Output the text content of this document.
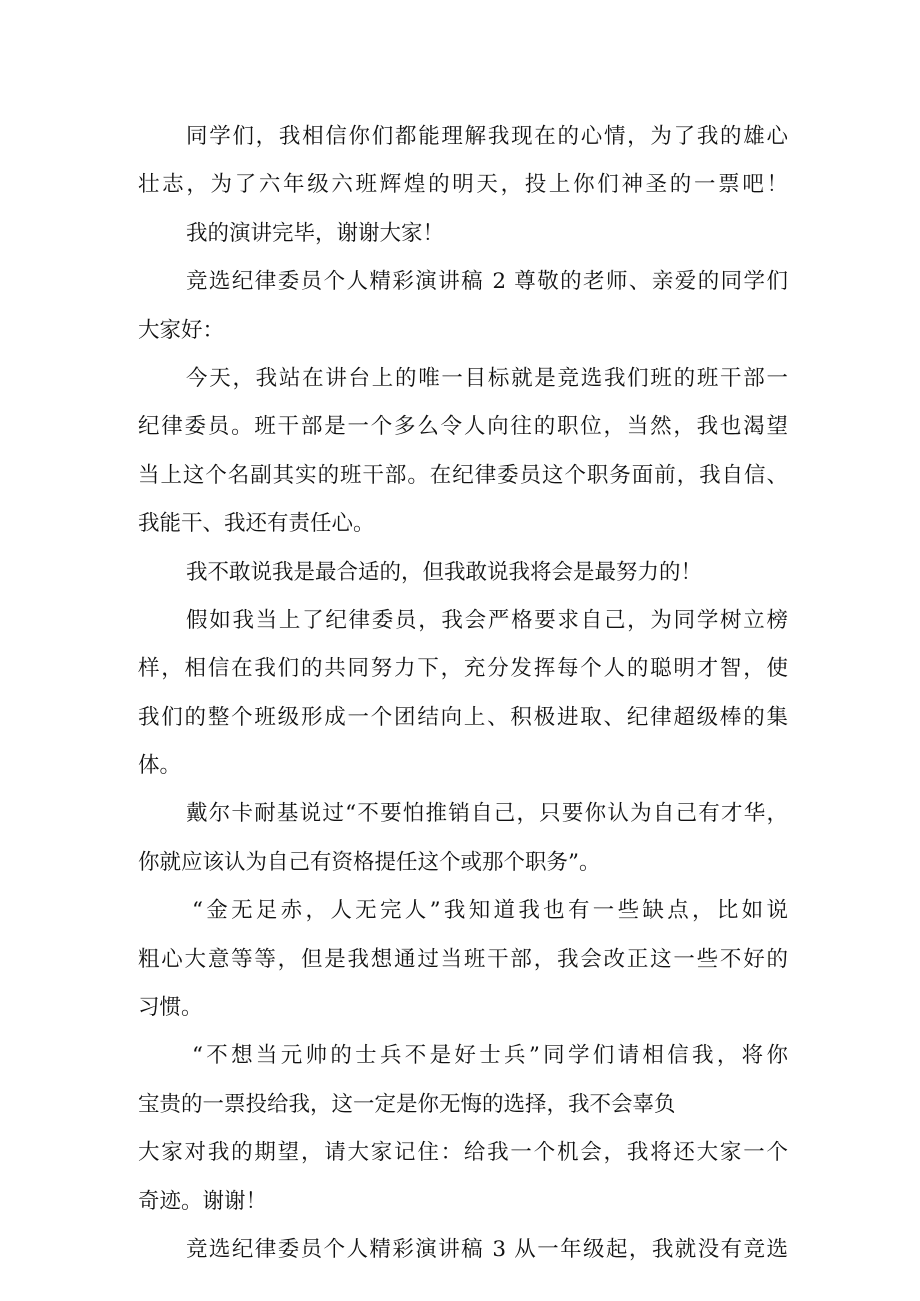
同学们，我相信你们都能理解我现在的心情，为了我的雄心
壮志，为了六年级六班辉煌的明天，投上你们神圣的一票吧！
我的演讲完毕，谢谢大家！
竞选纪律委员个人精彩演讲稿 2 尊敬的老师、亲爱的同学们
大家好：
今天，我站在讲台上的唯一目标就是竞选我们班的班干部一
纪律委员。班干部是一个多么令人向往的职位，当然，我也渴望
当上这个名副其实的班干部。在纪律委员这个职务面前，我自信、
我能干、我还有责任心。
我不敢说我是最合适的，但我敢说我将会是最努力的！
假如我当上了纪律委员，我会严格要求自己，为同学树立榜
样，相信在我们的共同努力下，充分发挥每个人的聪明才智，使
我们的整个班级形成一个团结向上、积极进取、纪律超级棒的集
体。
戴尔卡耐基说过“不要怕推销自己，只要你认为自己有才华，
你就应该认为自己有资格提任这个或那个职务”。
“金无足赤，人无完人”我知道我也有一些缺点，比如说
粗心大意等等，但是我想通过当班干部，我会改正这一些不好的
习惯。
“不想当元帅的士兵不是好士兵”同学们请相信我，将你
宝贵的一票投给我，这一定是你无悔的选择，我不会辜负
大家对我的期望，请大家记住：给我一个机会，我将还大家一个
奇迹。谢谢！
竞选纪律委员个人精彩演讲稿 3 从一年级起，我就没有竞选
